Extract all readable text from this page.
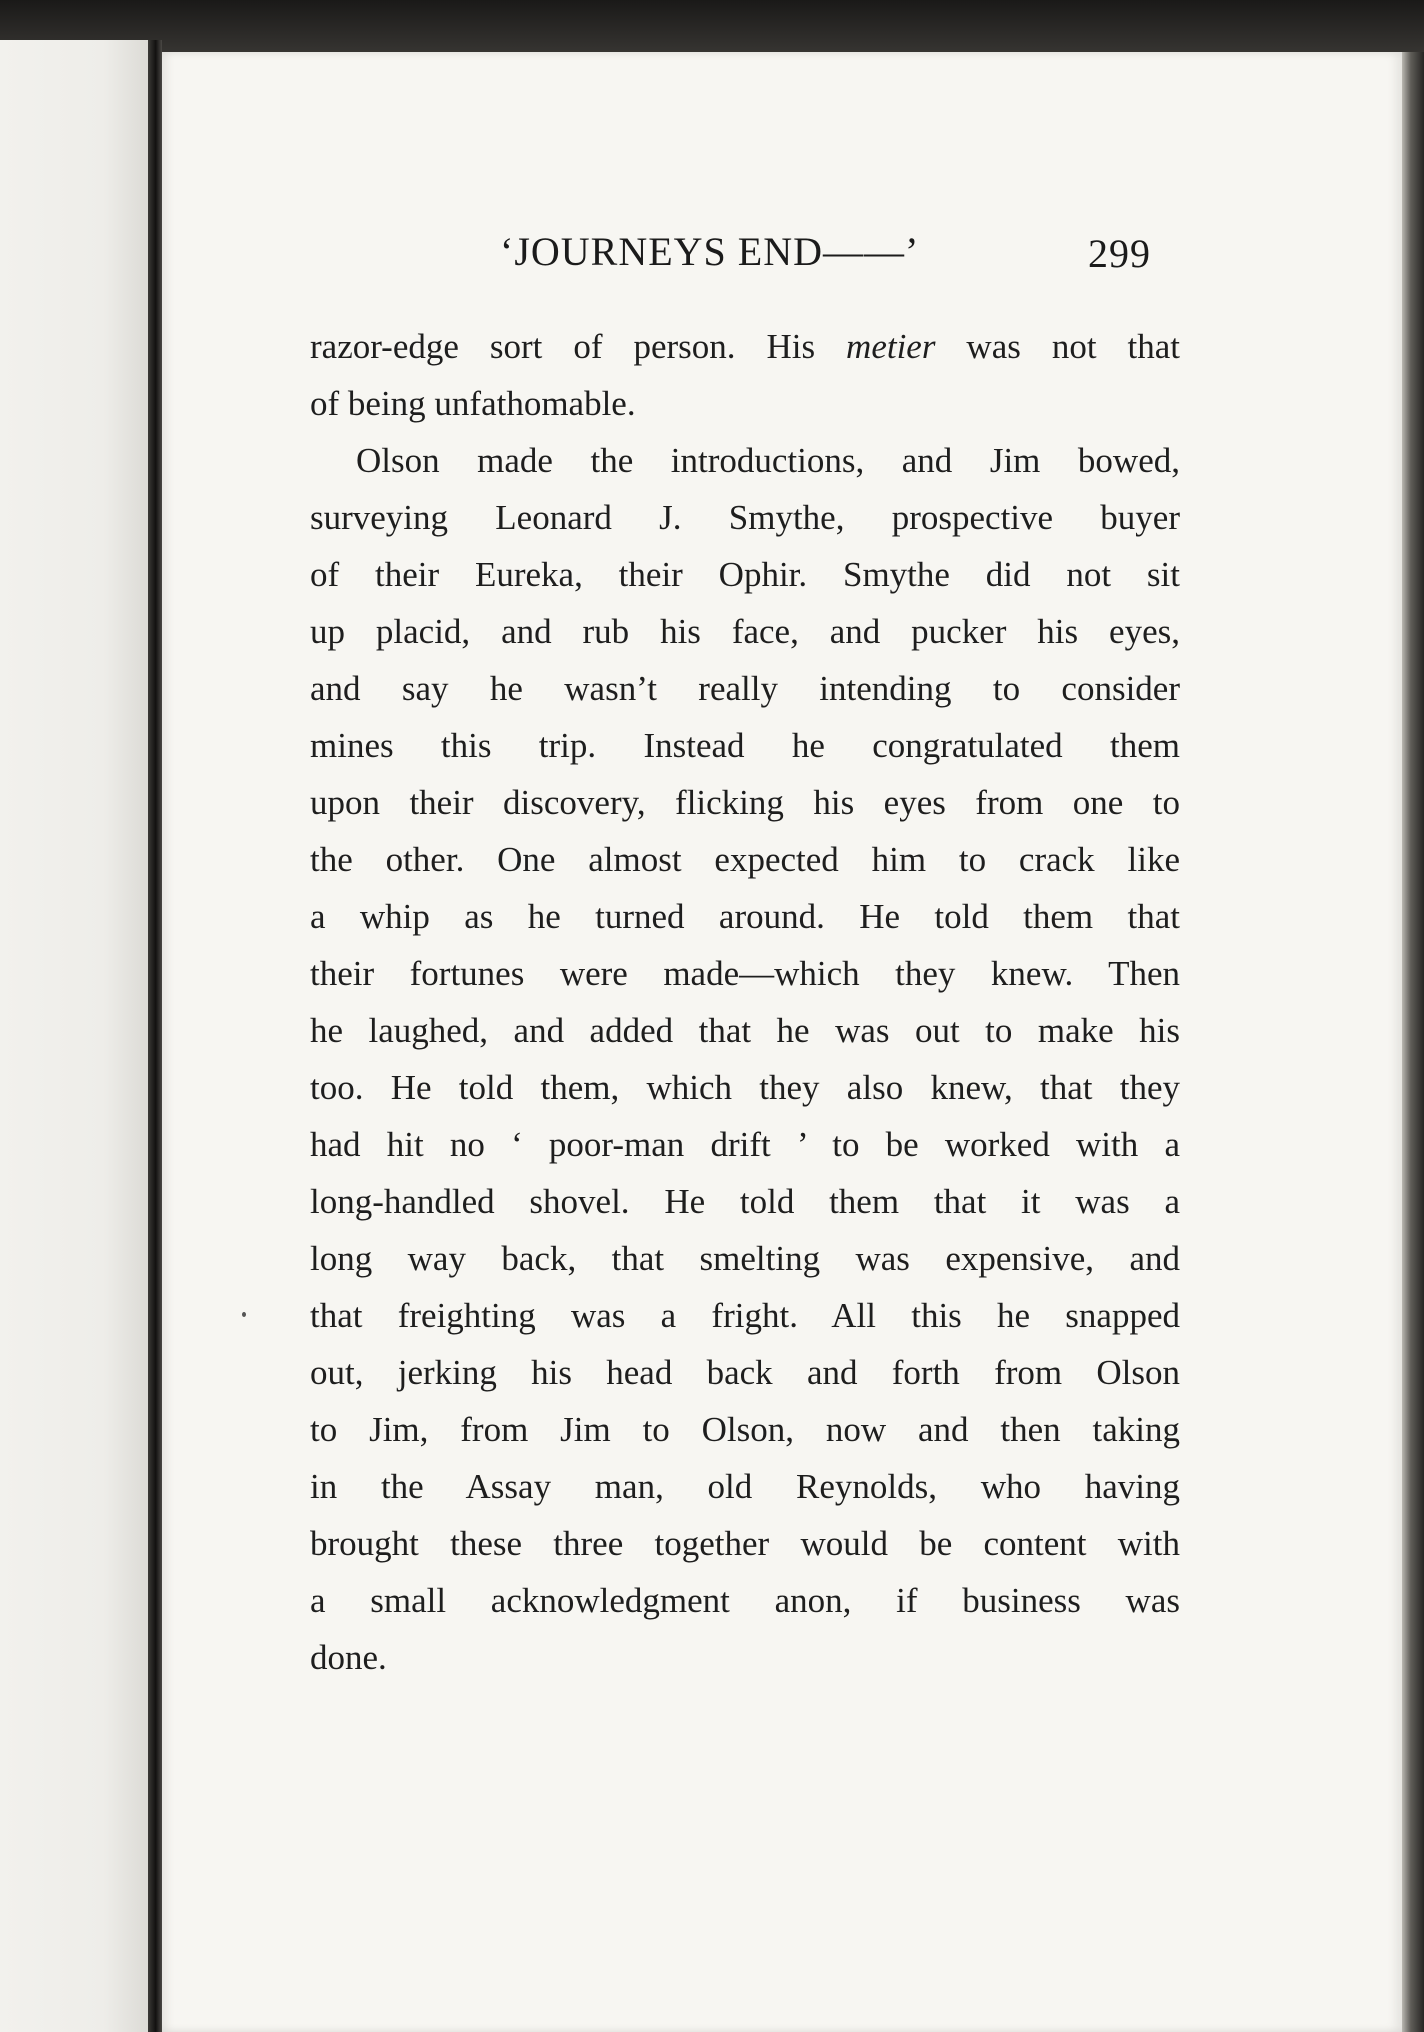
‘JOURNEYS END——’	299
razor-edge sort of person. His metier was not that
of being unfathomable.
Olson made the introductions, and Jim bowed,
surveying Leonard J. Smythe, prospective buyer
of their Eureka, their Ophir. Smythe did not sit
up placid, and rub his face, and pucker his eyes,
and say he wasn’t really intending to consider
mines this trip. Instead he congratulated them
upon their discovery, flicking his eyes from one to
the other. One almost expected him to crack like
a whip as he turned around. He told them that
their fortunes were made—which they knew. Then
he laughed, and added that he was out to make his
too. He told them, which they also knew, that they
had hit no ‘ poor-man drift ’ to be worked with a
long-handled shovel. He told them that it was a
long way back, that smelting was expensive, and
that freighting was a fright. All this he snapped
out, jerking his head back and forth from Olson
to Jim, from Jim to Olson, now and then taking
in the Assay man, old Reynolds, who having
brought these three together would be content with
a small acknowledgment anon, if business was
done.
